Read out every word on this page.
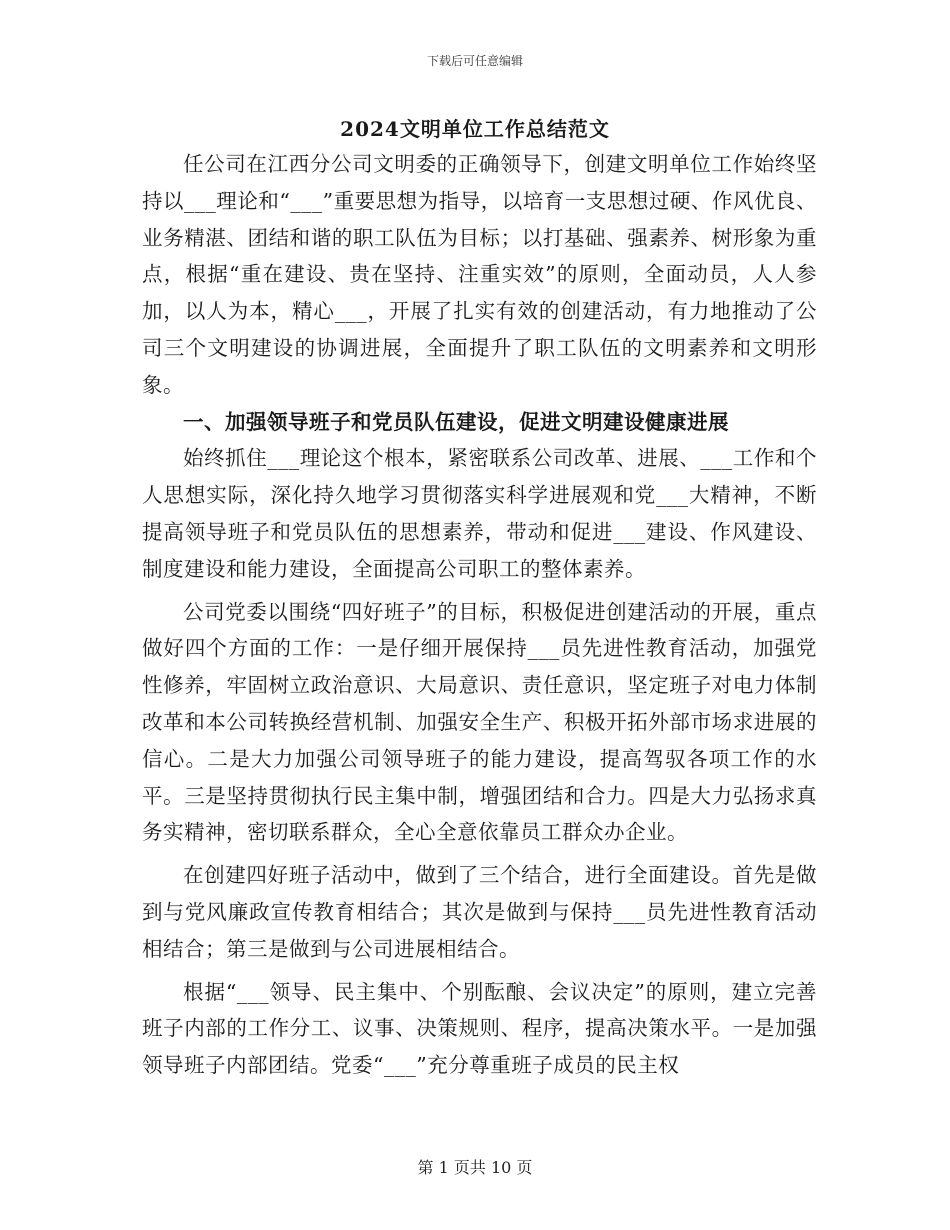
下载后可任意编辑
2024文明单位工作总结范文

任公司在江西分公司文明委的正确领导下，创建文明单位工作始终坚持以___理论和“___”重要思想为指导，以培育一支思想过硬、作风优良、业务精湛、团结和谐的职工队伍为目标；以打基础、强素养、树形象为重点，根据“重在建设、贵在坚持、注重实效”的原则，全面动员，人人参加，以人为本，精心___，开展了扎实有效的创建活动，有力地推动了公司三个文明建设的协调进展，全面提升了职工队伍的文明素养和文明形象。

一、加强领导班子和党员队伍建设，促进文明建设健康进展

始终抓住___理论这个根本，紧密联系公司改革、进展、___工作和个人思想实际，深化持久地学习贯彻落实科学进展观和党___大精神，不断提高领导班子和党员队伍的思想素养，带动和促进___建设、作风建设、制度建设和能力建设，全面提高公司职工的整体素养。

公司党委以围绕“四好班子”的目标，积极促进创建活动的开展，重点做好四个方面的工作：一是仔细开展保持___员先进性教育活动，加强党性修养，牢固树立政治意识、大局意识、责任意识，坚定班子对电力体制改革和本公司转换经营机制、加强安全生产、积极开拓外部市场求进展的信心。二是大力加强公司领导班子的能力建设，提高驾驭各项工作的水平。三是坚持贯彻执行民主集中制，增强团结和合力。四是大力弘扬求真务实精神，密切联系群众，全心全意依靠员工群众办企业。

在创建四好班子活动中，做到了三个结合，进行全面建设。首先是做到与党风廉政宣传教育相结合；其次是做到与保持___员先进性教育活动相结合；第三是做到与公司进展相结合。

根据“___领导、民主集中、个别酝酿、会议决定”的原则，建立完善班子内部的工作分工、议事、决策规则、程序，提高决策水平。一是加强领导班子内部团结。党委“___”充分尊重班子成员的民主权

第 1 页共 10 页
